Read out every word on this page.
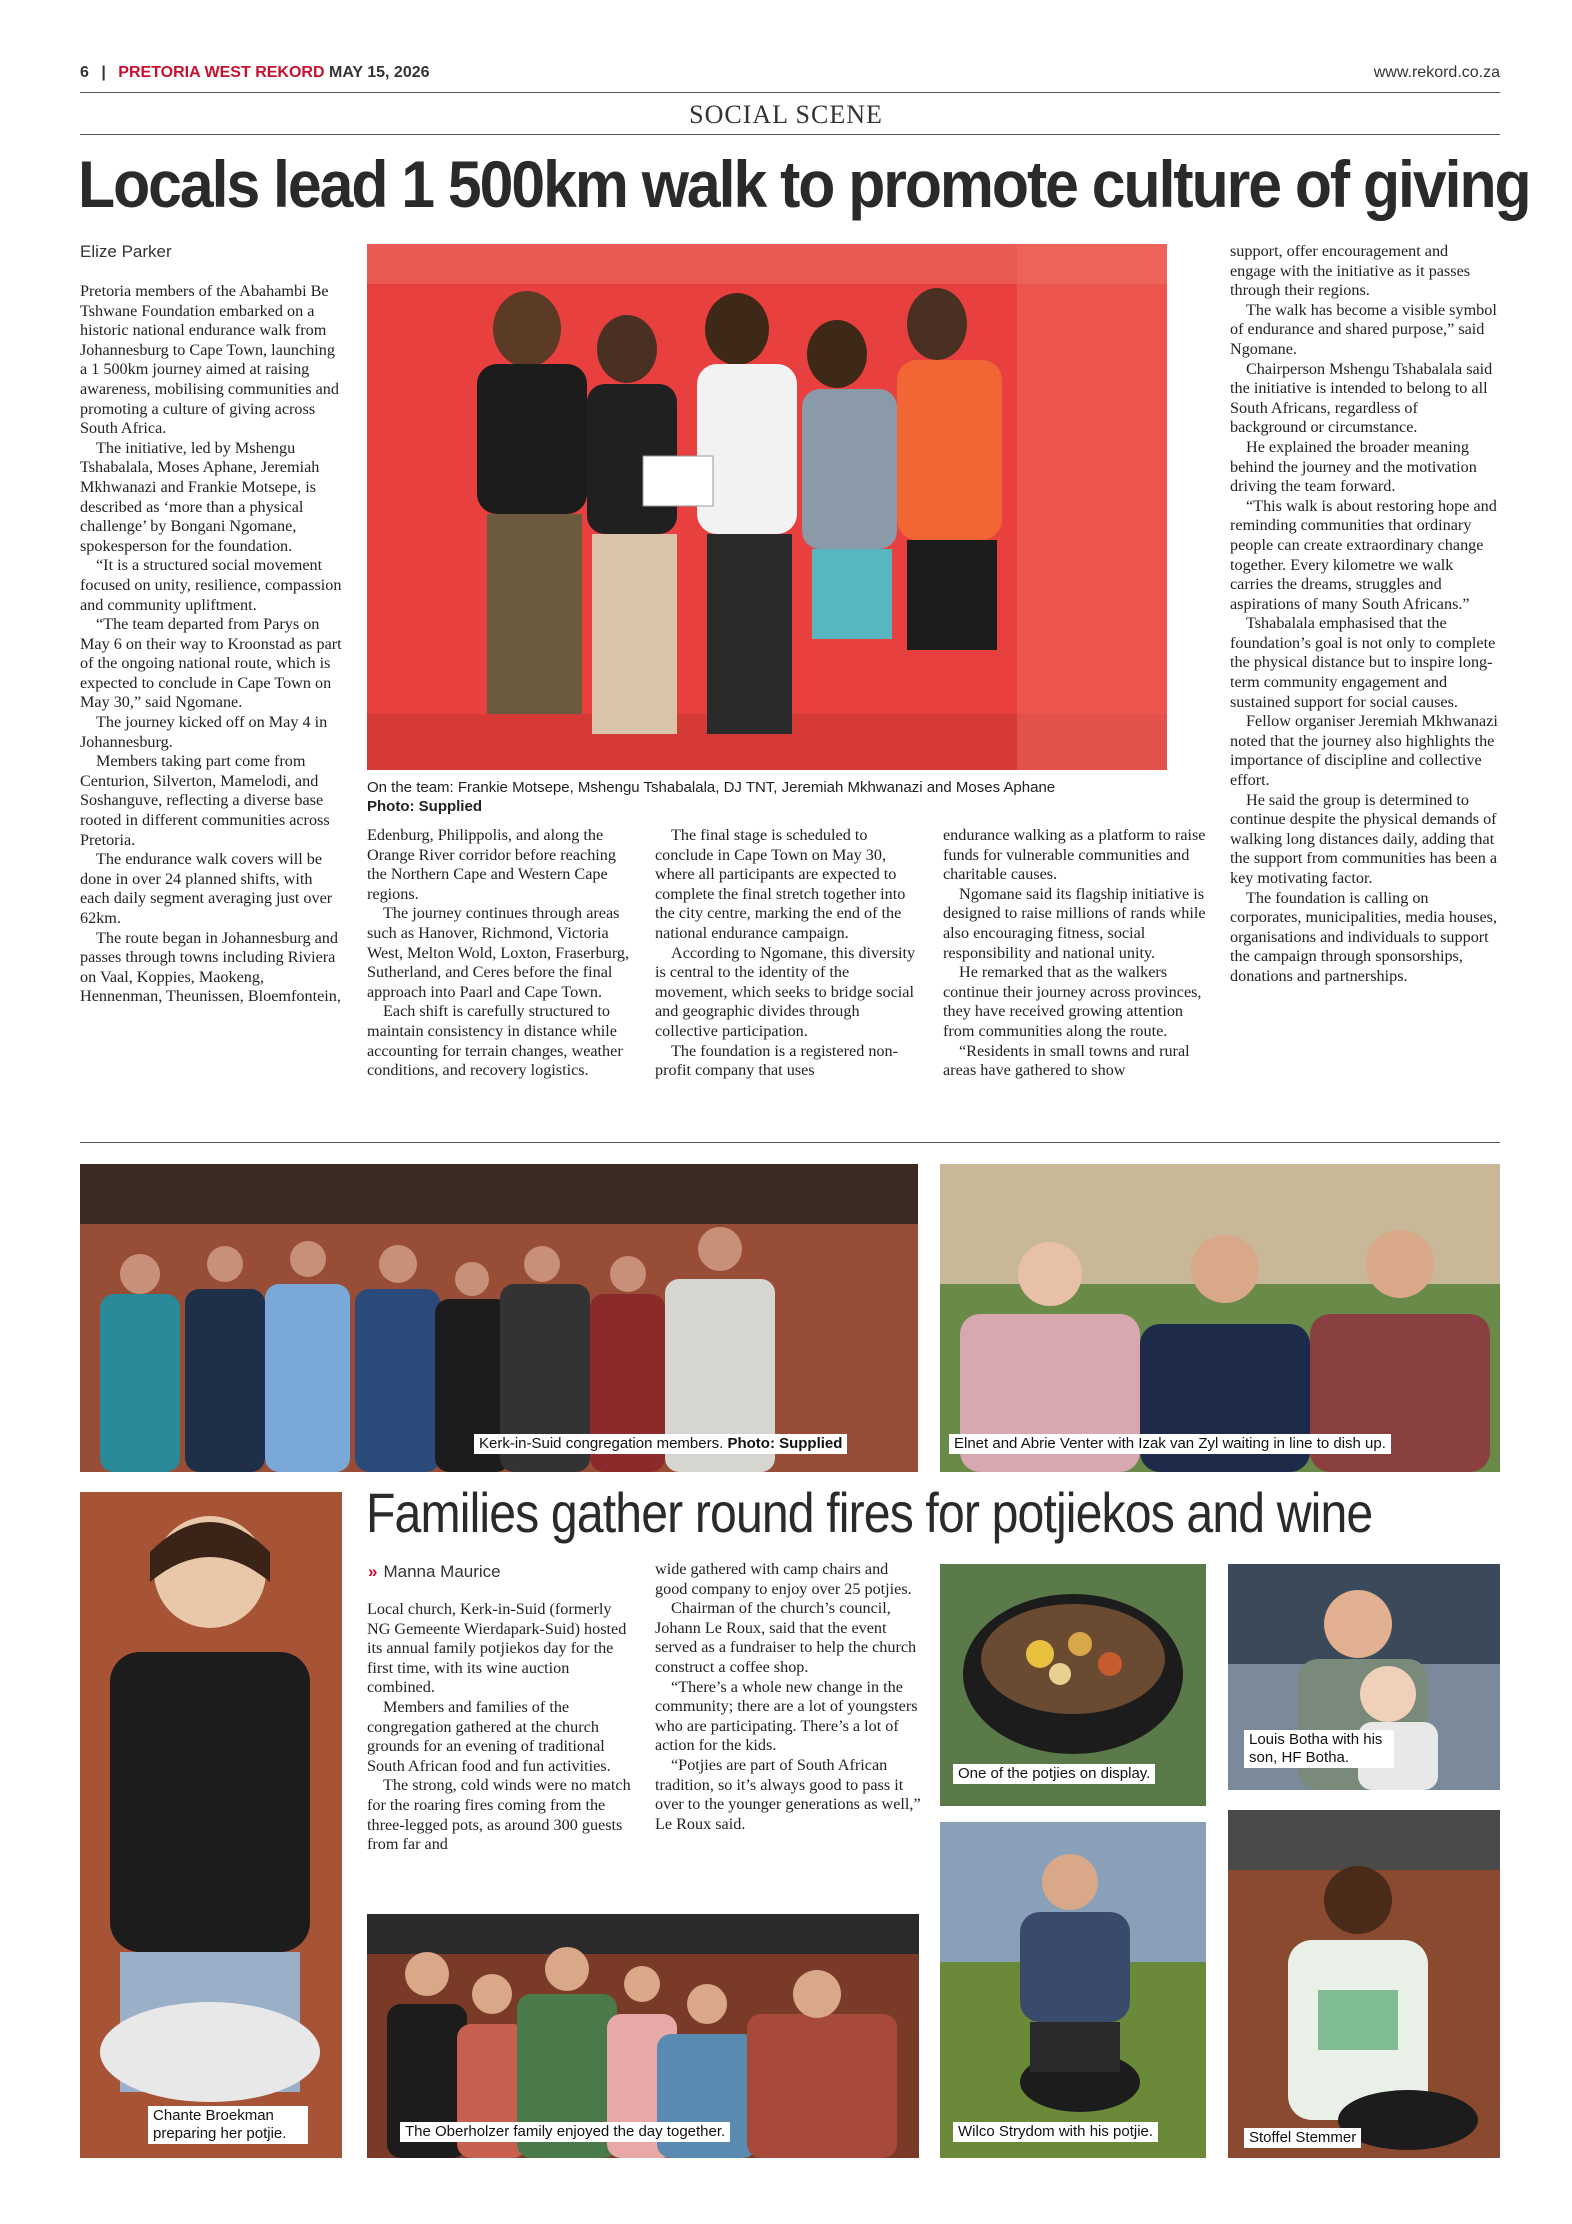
6 | PRETORIA WEST REKORD MAY 15, 2026	www.rekord.co.za
SOCIAL SCENE
Locals lead 1 500km walk to promote culture of giving
Elize Parker

Pretoria members of the Abahambi Be Tshwane Foundation embarked on a historic national endurance walk from Johannesburg to Cape Town, launching a 1 500km journey aimed at raising awareness, mobilising communities and promoting a culture of giving across South Africa.

The initiative, led by Mshengu Tshabalala, Moses Aphane, Jeremiah Mkhwanazi and Frankie Motsepe, is described as ‘more than a physical challenge’ by Bongani Ngomane, spokesperson for the foundation.

“It is a structured social movement focused on unity, resilience, compassion and community upliftment.

“The team departed from Parys on May 6 on their way to Kroonstad as part of the ongoing national route, which is expected to conclude in Cape Town on May 30,” said Ngomane.

The journey kicked off on May 4 in Johannesburg.

Members taking part come from Centurion, Silverton, Mamelodi, and Soshanguve, reflecting a diverse base rooted in different communities across Pretoria.

The endurance walk covers will be done in over 24 planned shifts, with each daily segment averaging just over 62km.

The route began in Johannesburg and passes through towns including Riviera on Vaal, Koppies, Maokeng, Hennenman, Theunissen, Bloemfontein,

On the team: Frankie Motsepe, Mshengu Tshabalala, DJ TNT, Jeremiah Mkhwanazi and Moses Aphane
Photo: Supplied

Edenburg, Philippolis, and along the Orange River corridor before reaching the Northern Cape and Western Cape regions.

The journey continues through areas such as Hanover, Richmond, Victoria West, Melton Wold, Loxton, Fraserburg, Sutherland, and Ceres before the final approach into Paarl and Cape Town.

Each shift is carefully structured to maintain consistency in distance while accounting for terrain changes, weather conditions, and recovery logistics.

The final stage is scheduled to conclude in Cape Town on May 30, where all participants are expected to complete the final stretch together into the city centre, marking the end of the national endurance campaign.

According to Ngomane, this diversity is central to the identity of the movement, which seeks to bridge social and geographic divides through collective participation.

The foundation is a registered non-profit company that uses

endurance walking as a platform to raise funds for vulnerable communities and charitable causes.

Ngomane said its flagship initiative is designed to raise millions of rands while also encouraging fitness, social responsibility and national unity.

He remarked that as the walkers continue their journey across provinces, they have received growing attention from communities along the route.

“Residents in small towns and rural areas have gathered to show

support, offer encouragement and engage with the initiative as it passes through their regions.

The walk has become a visible symbol of endurance and shared purpose,” said Ngomane.

Chairperson Mshengu Tshabalala said the initiative is intended to belong to all South Africans, regardless of background or circumstance.

He explained the broader meaning behind the journey and the motivation driving the team forward.

“This walk is about restoring hope and reminding communities that ordinary people can create extraordinary change together. Every kilometre we walk carries the dreams, struggles and aspirations of many South Africans.”

Tshabalala emphasised that the foundation’s goal is not only to complete the physical distance but to inspire long-term community engagement and sustained support for social causes.

Fellow organiser Jeremiah Mkhwanazi noted that the journey also highlights the importance of discipline and collective effort.

He said the group is determined to continue despite the physical demands of walking long distances daily, adding that the support from communities has been a key motivating factor.

The foundation is calling on corporates, municipalities, media houses, organisations and individuals to support the campaign through sponsorships, donations and partnerships.

Kerk-in-Suid congregation members. Photo: Supplied	Elnet and Abrie Venter with Izak van Zyl waiting in line to dish up.
Chante Broekman preparing her potjie.
Families gather round fires for potjiekos and wine
» Manna Maurice

Local church, Kerk-in-Suid (formerly NG Gemeente Wierdapark-Suid) hosted its annual family potjiekos day for the first time, with its wine auction combined.

Members and families of the congregation gathered at the church grounds for an evening of traditional South African food and fun activities.

The strong, cold winds were no match for the roaring fires coming from the three-legged pots, as around 300 guests from far and

wide gathered with camp chairs and good company to enjoy over 25 potjies.

Chairman of the church’s council, Johann Le Roux, said that the event served as a fundraiser to help the church construct a coffee shop.

“There’s a whole new change in the community; there are a lot of youngsters who are participating. There’s a lot of action for the kids.

“Potjies are part of South African tradition, so it’s always good to pass it over to the younger generations as well,” Le Roux said.

One of the potjies on display.
Louis Botha with his son, HF Botha.
The Oberholzer family enjoyed the day together.	Wilco Strydom with his potjie.	Stoffel Stemmer
